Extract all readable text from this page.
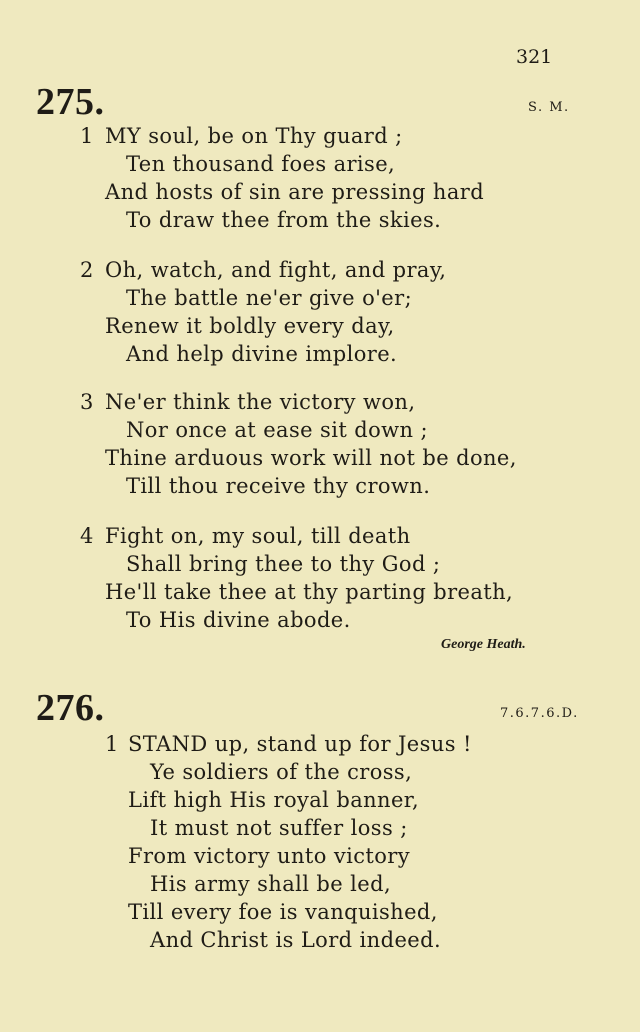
321
275.	S. M.
1 MY soul, be on Thy guard ;
Ten thousand foes arise,
And hosts of sin are pressing hard
To draw thee from the skies.
2 Oh, watch, and fight, and pray,
The battle ne'er give o'er;
Renew it boldly every day,
And help divine implore.
3 Ne'er think the victory won,
Nor once at ease sit down ;
Thine arduous work will not be done,
Till thou receive thy crown.
4 Fight on, my soul, till death
Shall bring thee to thy God ;
He'll take thee at thy parting breath,
To His divine abode.
George Heath.
276.	7.6.7.6.D.
1 STAND up, stand up for Jesus !
Ye soldiers of the cross,
Lift high His royal banner,
It must not suffer loss ;
From victory unto victory
His army shall be led,
Till every foe is vanquished,
And Christ is Lord indeed.
